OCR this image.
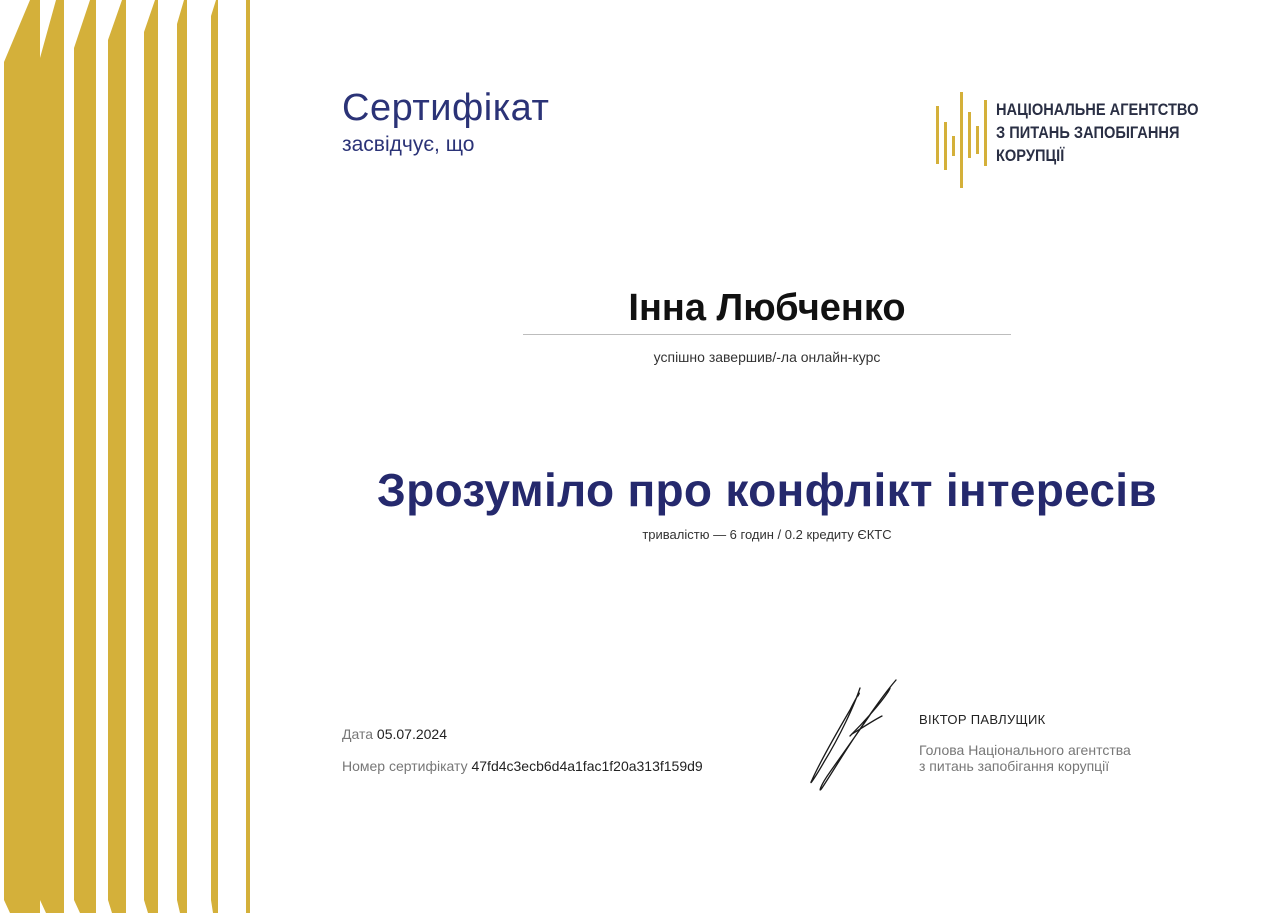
Сертифікат
засвідчує, що
НАЦІОНАЛЬНЕ АГЕНТСТВО
З ПИТАНЬ ЗАПОБІГАННЯ
КОРУПЦІЇ
Інна Любченко
успішно завершив/-ла онлайн-курс
Зрозуміло про конфлікт інтересів
тривалістю — 6 годин / 0.2 кредиту ЄКТС
Дата 05.07.2024
Номер сертифікату 47fd4c3ecb6d4a1fac1f20a313f159d9
ВІКТОР ПАВЛУЩИК
Голова Національного агентства
з питань запобігання корупції
